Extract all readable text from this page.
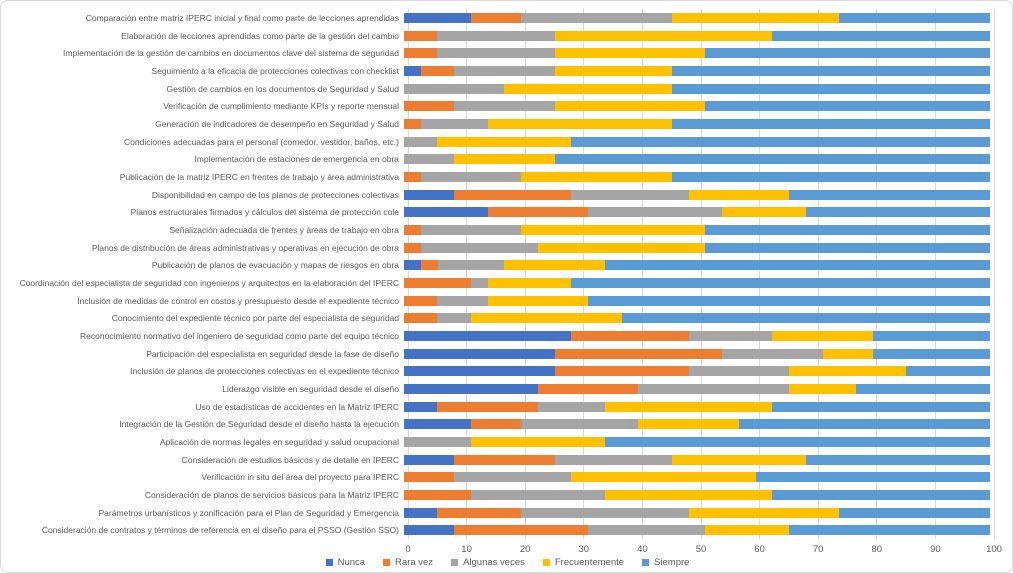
Comparación entre matriz IPERC inicial y final como parte de lecciones aprendidas
Elaboración de lecciones aprendidas como parte de la gestión del cambio
Implementación de la gestión de cambios en documentos clave del sistema de seguridad
Seguimiento a la eficacia de protecciones colectivas con checklist
Gestión de cambios en los documentos de Seguridad y Salud
Verificación de cumplimiento mediante KPIs y reporte mensual
Generación de indicadores de desempeño en Seguridad y Salud
Condiciones adecuadas para el personal (comedor, vestidor, baños, etc.)
Implementación de estaciones de emergencia en obra
Publicación de la matriz IPERC en frentes de trabajo y área administrativa
Disponibilidad en campo de los planos de protecciones colectivas
Planos estructurales firmados y cálculos del sistema de protección cole
Señalización adecuada de frentes y áreas de trabajo en obra
Planos de distribución de áreas administrativas y operativas en ejecución de obra
Publicación de planos de evacuación y mapas de riesgos en obra
Coordinación del especialista de seguridad con ingenieros y arquitectos en la elaboración del IPERC
Inclusión de medidas de control en costos y presupuesto desde el expediente técnico
Conocimiento del expediente técnico por parte del especialista de seguridad
Reconocimiento normativo del ingeniero de seguridad como parte del equipo técnico
Participación del especialista en seguridad desde la fase de diseño
Inclusión de planos de protecciones colectivas en el expediente técnico
Liderazgo visible en seguridad desde el diseño
Uso de estadísticas de accidentes en la Matriz IPERC
Integración de la Gestión de Seguridad desde el diseño hasta la ejecución
Aplicación de normas legales en seguridad y salud ocupacional
Consideración de estudios básicos y de detalle en IPERC
Verificación in situ del área del proyecto para IPERC
Consideración de planos de servicios básicos para la Matriz IPERC
Parámetros urbanísticos y zonificación para el Plan de Seguridad y Emergencia
Consideración de contratos y términos de referencia en el diseño para el PSSO (Gestión SSO)
0	10	20	30	40	50	60	70	80	90	100
Nunca	Rara vez	Algunas veces	Frecuentemente	Siempre
